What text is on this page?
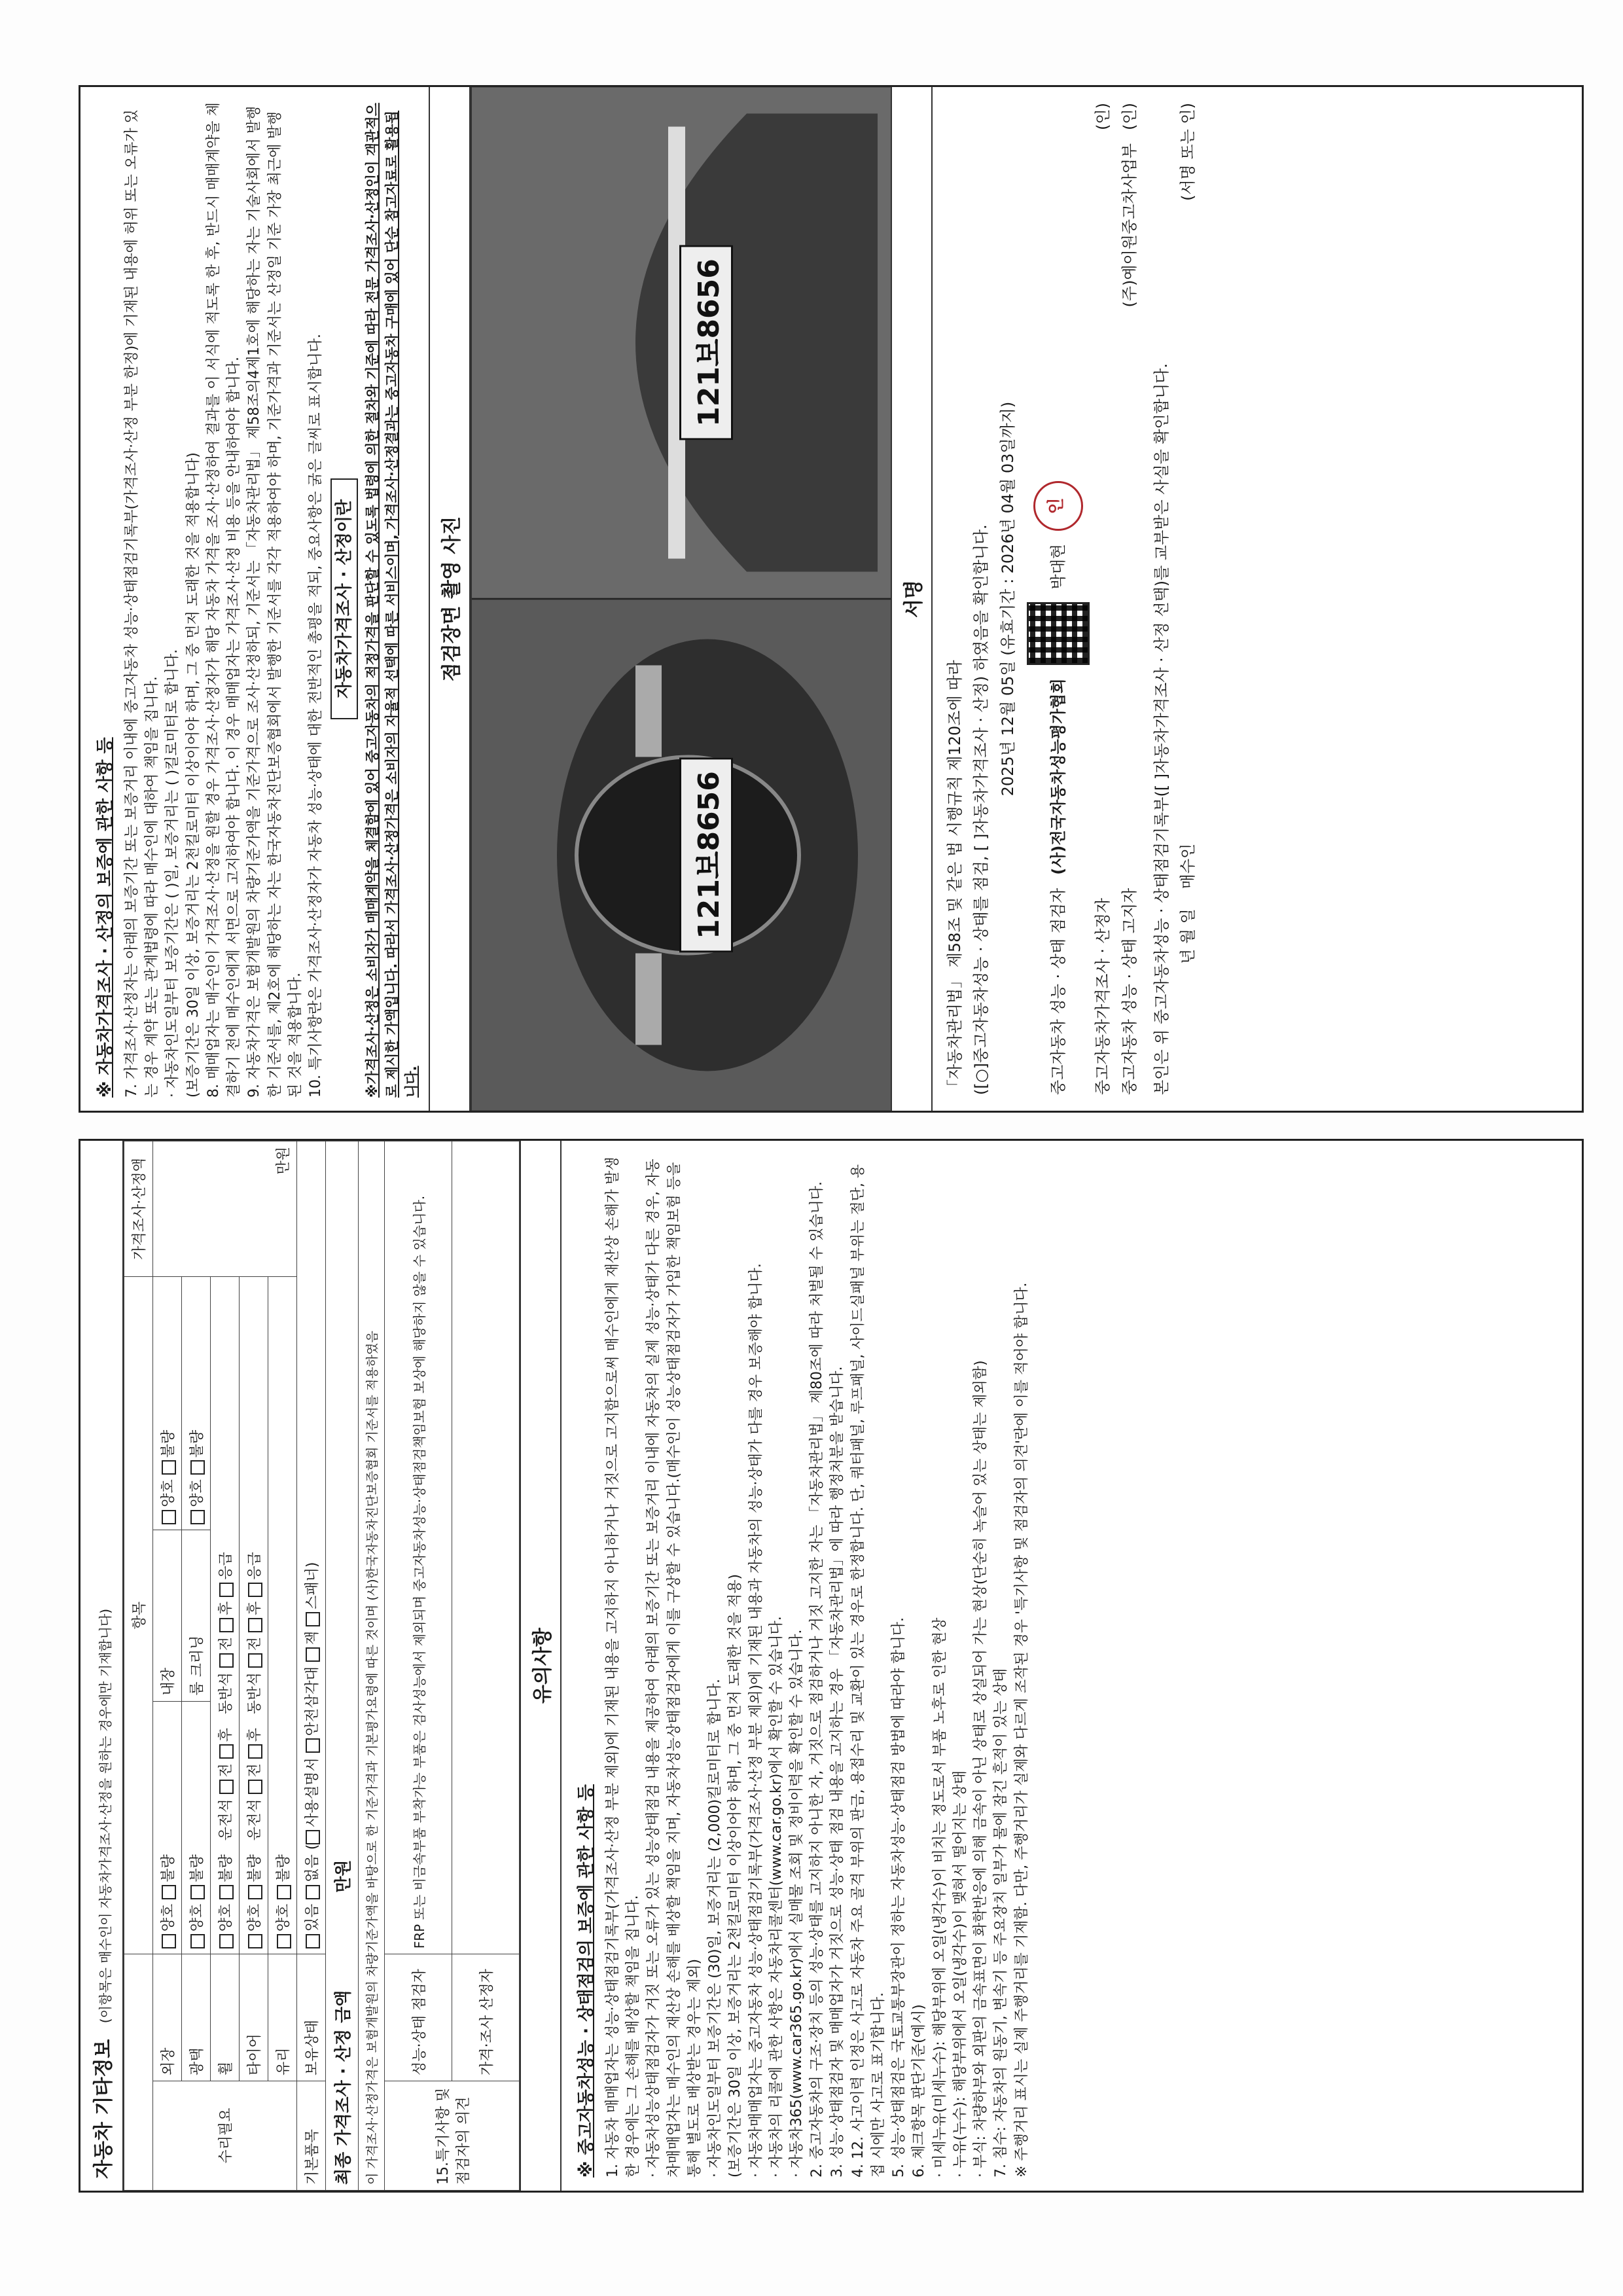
자동차 기타정보 (이항목은 매수인이 자동차가격조사·산정을 원하는 경우에만 기재합니다)
		항목			가격조사·산정액
수리필요	외장	양호 불량	내장	양호 불량	만원
	광택	양호 불량	룸 크리닝	양호 불량	
	휠	양호 불량   운전석 전 후   동반석 전 후 응급			
	타이어	양호 불량   운전석 전 후   동반석 전 후 응급			
	유리	양호 불량			
기본품목	보유상태	있음 없음 (사용설명서 안전삼각대 잭 스패너)			
최종 가격조사 · 산정 금액 만원					
이 가격조사·산정가격은 보험개발원의 차량기준가액을 바탕으로 한 기준가격과 기본평가요령에 따른 것이며 (사)한국자동차진단보증협회 기준서를 적용하였음					
15.특기사항 및 점검자의 의견	성능·상태 점검자	FRP 또는 비금속부품 부착가능 부품은 검사성능에서 제외되며 중고자동차성능·상태점검책임보험 보상에 해당하지 않을 수 있습니다.			
	가격·조사 산정자				
유의사항
※ 중고자동차성능 · 상태점검의 보증에 관한 사항 등 1. 자동차 매매업자는 성능·상태점검기록부(가격조사·산정 부분 제외)에 기재된 내용을 고지하지 아니하거나 거짓으로 고지함으로써 매수인에게 재산상 손해가 발생한 경우에는 그 손해를 배상할 책임을 집니다. · 자동차성능상태점검자가 거짓 또는 오류가 있는 성능상태점검 내용을 제공하여 아래의 보증기간 또는 보증거리 이내에 자동차의 실제 성능·상태가 다른 경우, 자동차매매업자는 매수인의 재산상 손해를 배상할 책임을 지며, 자동차성능상태점검자에게 이를 구상할 수 있습니다.(매수인이 성능상태점검자가 가입한 책임보험 등을 통해 별도로 배상받는 경우는 제외) · 자동차인도일부터 보증기간은 (30)일, 보증거리는 (2,000)킬로미터로 합니다. (보증기간은 30일 이상, 보증거리는 2천킬로미터 이상이어야 하며, 그 중 먼저 도래한 것을 적용) · 자동차매매업자는 중고자동차 성능·상태점검기록부(가격조사·산정 부분 제외)에 기재된 내용과 자동차의 성능·상태가 다를 경우 보증해야 합니다. · 자동차의 리콜에 관한 사항은 자동차리콜센터(www.car.go.kr)에서 확인할 수 있습니다. · 자동차365(www.car365.go.kr)에서 실매물 조회 및 정비이력을 확인할 수 있습니다. 2. 중고자동차의 구조·장치 등의 성능·상태를 고지하지 아니한 자, 거짓으로 점검하거나 거짓 고지한 자는 「자동차관리법」 제80조에 따라 처벌될 수 있습니다. 3. 성능·상태점검자 및 매매업자가 거짓으로 성능·상태 점검 내용을 고지하는 경우 「자동차관리법」에 따라 행정처분을 받습니다. 4. 12. 사고이력 인정은 사고로 자동차 주요 골격 부위의 판금, 용접수리 및 교환이 있는 경우로 한정합니다. 단, 쿼터패널, 루프패널, 사이드실패널 부위는 절단, 용접 시에만 사고로 표기합니다. 5. 성능·상태점검은 국토교통부장관이 정하는 자동차성능·상태점검 방법에 따라야 합니다. 6. 체크항목 판단기준(예시) · 미세누유(미세누수): 해당부위에 오일(냉각수)이 비치는 정도로서 부품 노후로 인한 현상 · 누유(누수): 해당부위에서 오일(냉각수)이 맺혀서 떨어지는 상태 · 부식: 차량하부와 외판의 금속표면이 화학반응에 의해 금속이 아닌 상태로 상실되어 가는 현상(단순히 녹슬어 있는 상태는 제외함) 7. 침수: 자동차의 원동기, 변속기 등 주요장치 일부가 물에 잠긴 흔적이 있는 상태 ※ 주행거리 표시는 실제 주행거리를 기재함. 다만, 주행거리가 실제와 다르게 조작된 경우 '특기사항 및 점검자의 의견'란에 이를 적어야 합니다.
※ 자동차가격조사 · 산정의 보증에 관한 사항 등 7. 가격조사·산정자는 아래의 보증기간 또는 보증거리 이내에 중고자동차 성능·상태점검기록부(가격조사·산정 부분 한정)에 기재된 내용에 허위 또는 오류가 있는 경우 계약 또는 관계법령에 따라 매수인에 대하여 책임을 집니다. · 자동차인도일부터 보증기간은 ( )일, 보증거리는 ( )킬로미터로 합니다. (보증기간은 30일 이상, 보증거리는 2천킬로미터 이상이어야 하며, 그 중 먼저 도래한 것을 적용합니다) 8. 매매업자는 매수인이 가격조사·산정을 원할 경우 가격조사·산정자가 해당 자동차 가격을 조사·산정하여 결과를 이 서식에 적도록 한 후, 반드시 매매계약을 체결하기 전에 매수인에게 서면으로 고지하여야 합니다. 이 경우 매매업자는 가격조사·산정 비용 등을 안내하여야 합니다. 9. 자동차가격은 보험개발원의 차량기준가액을 기준가격으로 조사·산정하되, 기준서는 「자동차관리법」 제58조의4제1호에 해당하는 자는 기술사회에서 발행한 기준서를, 제2호에 해당하는 자는 한국자동차진단보증협회에서 발행한 기준서를 각각 적용하여야 하며, 기준가격과 기준서는 산정일 기준 가장 최근에 발행된 것을 적용합니다. 10. 특기사항란은 가격조사·산정자가 자동차 성능·상태에 대한 전반적인 총평을 적되, 중요사항은 굵은 글씨로 표시합니다. 자동차가격조사 · 산정이란 ※가격조사·산정은 소비자가 매매계약을 체결함에 있어 중고자동차의 적정가격을 판단할 수 있도록 법령에 의한 절차와 기준에 따라 전문 가격조사·산정인이 객관적으로 제시한 가액입니다. 따라서 가격조사·산정가격은 소비자의 자율적 선택에 따른 서비스이며, 가격조사·산정결과는 중고자동차 구매에 있어 단순 참고자료로 활용됩니다.
점검장면 촬영 사진
121보8656
121보8656
서명
「자동차관리법」 제58조 및 같은 법 시행규칙 제120조에 따라 ([○]중고자동차성능 · 상태를 점검, [ ]자동차가격조사 · 산정) 하였음을 확인합니다. 2025년 12월 05일 (유효기간 : 2026년 04월 03일까지)
중고자동차 성능 · 상태 점검자
(사)전국자동차성능평가협회
박대현
인
중고자동차가격조사 · 산정자
(인)
중고자동차 성능 · 상태 고지자
(주)예이원중고차사업부
(인)
본인은 위 중고자동차성능 · 상태점검기록부([ ]자동차가격조사 · 산정 선택)를 교부받은 사실을 확인합니다. 년 월 일
매수인
(서명 또는 인)
